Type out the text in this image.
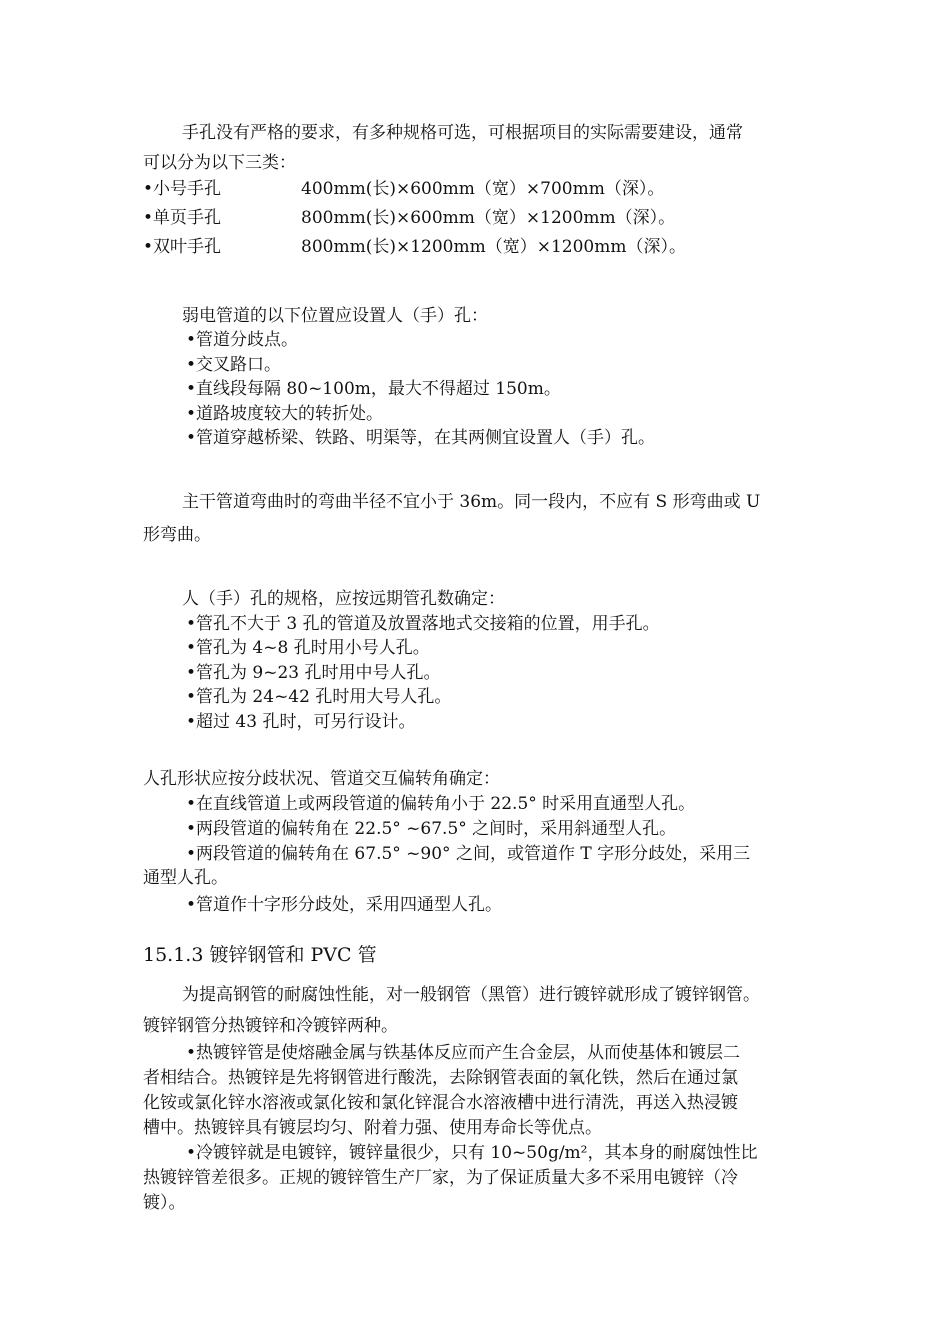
手孔没有严格的要求，有多种规格可选，可根据项目的实际需要建设，通常
可以分为以下三类：
•小号手孔	400mm(长)×600mm（宽）×700mm（深）。
•单页手孔	800mm(长)×600mm（宽）×1200mm（深）。
•双叶手孔	800mm(长)×1200mm（宽）×1200mm（深）。
弱电管道的以下位置应设置人（手）孔：
•管道分歧点。
•交叉路口。
•直线段每隔 80~100m，最大不得超过 150m。
•道路坡度较大的转折处。
•管道穿越桥梁、铁路、明渠等，在其两侧宜设置人（手）孔。
主干管道弯曲时的弯曲半径不宜小于 36m。同一段内，不应有 S 形弯曲或 U
形弯曲。
人（手）孔的规格，应按远期管孔数确定：
•管孔不大于 3 孔的管道及放置落地式交接箱的位置，用手孔。
•管孔为 4~8 孔时用小号人孔。
•管孔为 9~23 孔时用中号人孔。
•管孔为 24~42 孔时用大号人孔。
•超过 43 孔时，可另行设计。
人孔形状应按分歧状况、管道交互偏转角确定：
•在直线管道上或两段管道的偏转角小于 22.5° 时采用直通型人孔。
•两段管道的偏转角在 22.5° ~67.5° 之间时，采用斜通型人孔。
•两段管道的偏转角在 67.5° ~90° 之间，或管道作 T 字形分歧处，采用三
通型人孔。
•管道作十字形分歧处，采用四通型人孔。
15.1.3 镀锌钢管和 PVC 管
为提高钢管的耐腐蚀性能，对一般钢管（黑管）进行镀锌就形成了镀锌钢管。
镀锌钢管分热镀锌和冷镀锌两种。
•热镀锌管是使熔融金属与铁基体反应而产生合金层，从而使基体和镀层二
者相结合。热镀锌是先将钢管进行酸洗，去除钢管表面的氧化铁，然后在通过氯
化铵或氯化锌水溶液或氯化铵和氯化锌混合水溶液槽中进行清洗，再送入热浸镀
槽中。热镀锌具有镀层均匀、附着力强、使用寿命长等优点。
•冷镀锌就是电镀锌，镀锌量很少，只有 10~50g/m²，其本身的耐腐蚀性比
热镀锌管差很多。正规的镀锌管生产厂家，为了保证质量大多不采用电镀锌（冷
镀）。
